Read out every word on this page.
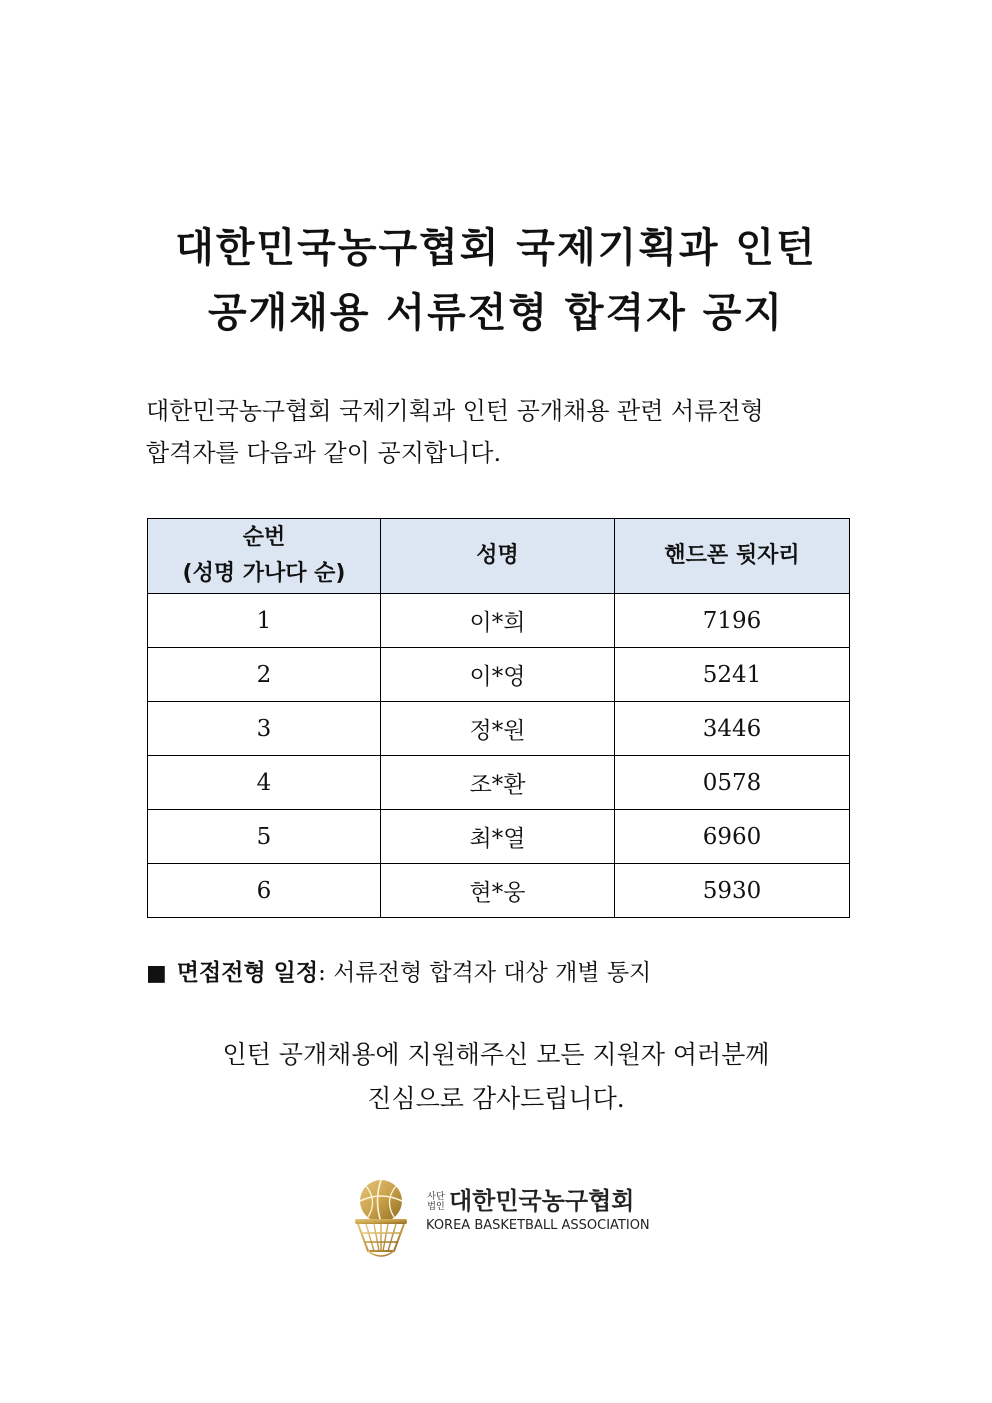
대한민국농구협회 국제기획과 인턴
공개채용 서류전형 합격자 공지
대한민국농구협회 국제기획과 인턴 공개채용 관련 서류전형
합격자를 다음과 같이 공지합니다.
순번
(성명 가나다 순)	성명	핸드폰 뒷자리
1	이*희	7196
2	이*영	5241
3	정*원	3446
4	조*환	0578
5	최*열	6960
6	현*웅	5930
■ 면접전형 일정: 서류전형 합격자 대상 개별 통지
인턴 공개채용에 지원해주신 모든 지원자 여러분께
진심으로 감사드립니다.
사단
법인 대한민국농구협회
KOREA BASKETBALL ASSOCIATION
